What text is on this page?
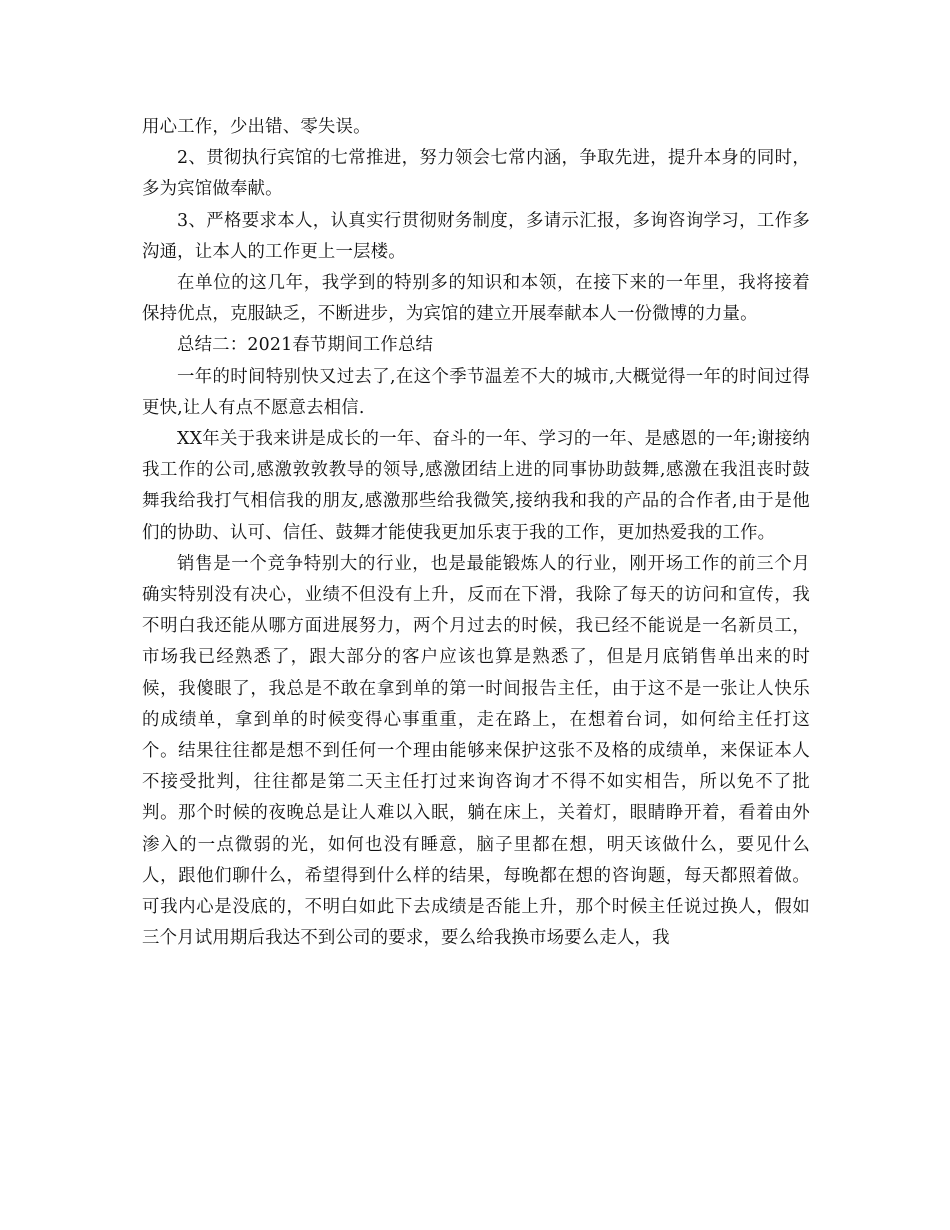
用心工作，少出错、零失误。

2、贯彻执行宾馆的七常推进，努力领会七常内涵，争取先进，提升本身的同时，多为宾馆做奉献。

3、严格要求本人，认真实行贯彻财务制度，多请示汇报，多询咨询学习，工作多沟通，让本人的工作更上一层楼。

在单位的这几年，我学到的特别多的知识和本领，在接下来的一年里，我将接着保持优点，克服缺乏，不断进步，为宾馆的建立开展奉献本人一份微博的力量。

总结二：2021春节期间工作总结

一年的时间特别快又过去了,在这个季节温差不大的城市,大概觉得一年的时间过得更快,让人有点不愿意去相信.

XX年关于我来讲是成长的一年、奋斗的一年、学习的一年、是感恩的一年;谢接纳我工作的公司,感激敦敦教导的领导,感激团结上进的同事协助鼓舞,感激在我沮丧时鼓舞我给我打气相信我的朋友,感激那些给我微笑,接纳我和我的产品的合作者,由于是他们的协助、认可、信任、鼓舞才能使我更加乐衷于我的工作，更加热爱我的工作。

销售是一个竞争特别大的行业，也是最能锻炼人的行业，刚开场工作的前三个月确实特别没有决心，业绩不但没有上升，反而在下滑，我除了每天的访问和宣传，我不明白我还能从哪方面进展努力，两个月过去的时候，我已经不能说是一名新员工，市场我已经熟悉了，跟大部分的客户应该也算是熟悉了，但是月底销售单出来的时候，我傻眼了，我总是不敢在拿到单的第一时间报告主任，由于这不是一张让人快乐的成绩单，拿到单的时候变得心事重重，走在路上，在想着台词，如何给主任打这个。结果往往都是想不到任何一个理由能够来保护这张不及格的成绩单，来保证本人不接受批判，往往都是第二天主任打过来询咨询才不得不如实相告，所以免不了批判。那个时候的夜晚总是让人难以入眠，躺在床上，关着灯，眼睛睁开着，看着由外渗入的一点微弱的光，如何也没有睡意，脑子里都在想，明天该做什么，要见什么人，跟他们聊什么，希望得到什么样的结果，每晚都在想的咨询题，每天都照着做。可我内心是没底的，不明白如此下去成绩是否能上升，那个时候主任说过换人，假如三个月试用期后我达不到公司的要求，要么给我换市场要么走人，我
